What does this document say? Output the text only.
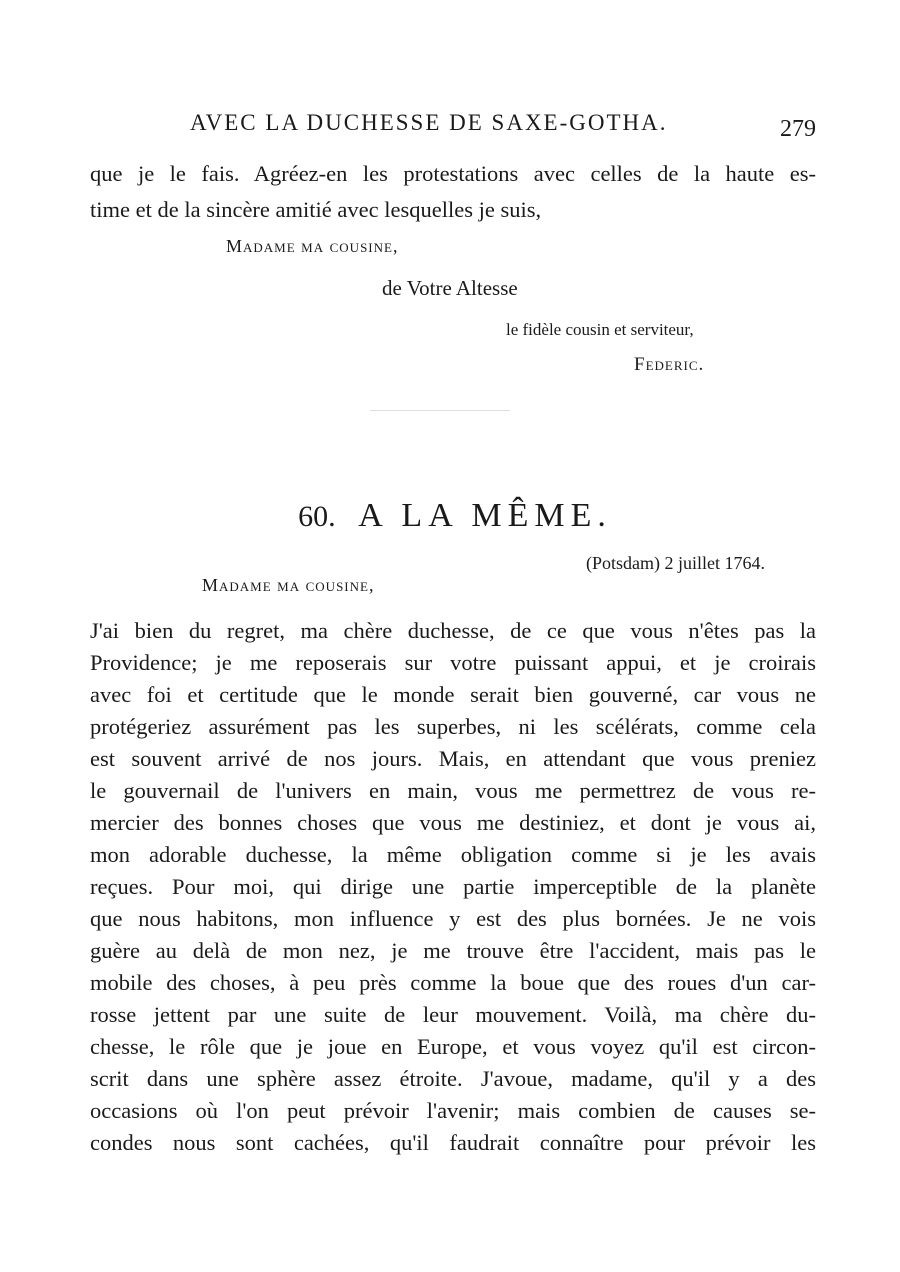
AVEC LA DUCHESSE DE SAXE-GOTHA.	279
que je le fais. Agréez-en les protestations avec celles de la haute es-
time et de la sincère amitié avec lesquelles je suis,
Madame ma cousine,
de Votre Altesse
le fidèle cousin et serviteur,
Federic.
60. A LA MÊME.
(Potsdam) 2 juillet 1764.
Madame ma cousine,
J'ai bien du regret, ma chère duchesse, de ce que vous n'êtes pas la
Providence; je me reposerais sur votre puissant appui, et je croirais
avec foi et certitude que le monde serait bien gouverné, car vous ne
protégeriez assurément pas les superbes, ni les scélérats, comme cela
est souvent arrivé de nos jours. Mais, en attendant que vous preniez
le gouvernail de l'univers en main, vous me permettrez de vous re-
mercier des bonnes choses que vous me destiniez, et dont je vous ai,
mon adorable duchesse, la même obligation comme si je les avais
reçues. Pour moi, qui dirige une partie imperceptible de la planète
que nous habitons, mon influence y est des plus bornées. Je ne vois
guère au delà de mon nez, je me trouve être l'accident, mais pas le
mobile des choses, à peu près comme la boue que des roues d'un car-
rosse jettent par une suite de leur mouvement. Voilà, ma chère du-
chesse, le rôle que je joue en Europe, et vous voyez qu'il est circon-
scrit dans une sphère assez étroite. J'avoue, madame, qu'il y a des
occasions où l'on peut prévoir l'avenir; mais combien de causes se-
condes nous sont cachées, qu'il faudrait connaître pour prévoir les
